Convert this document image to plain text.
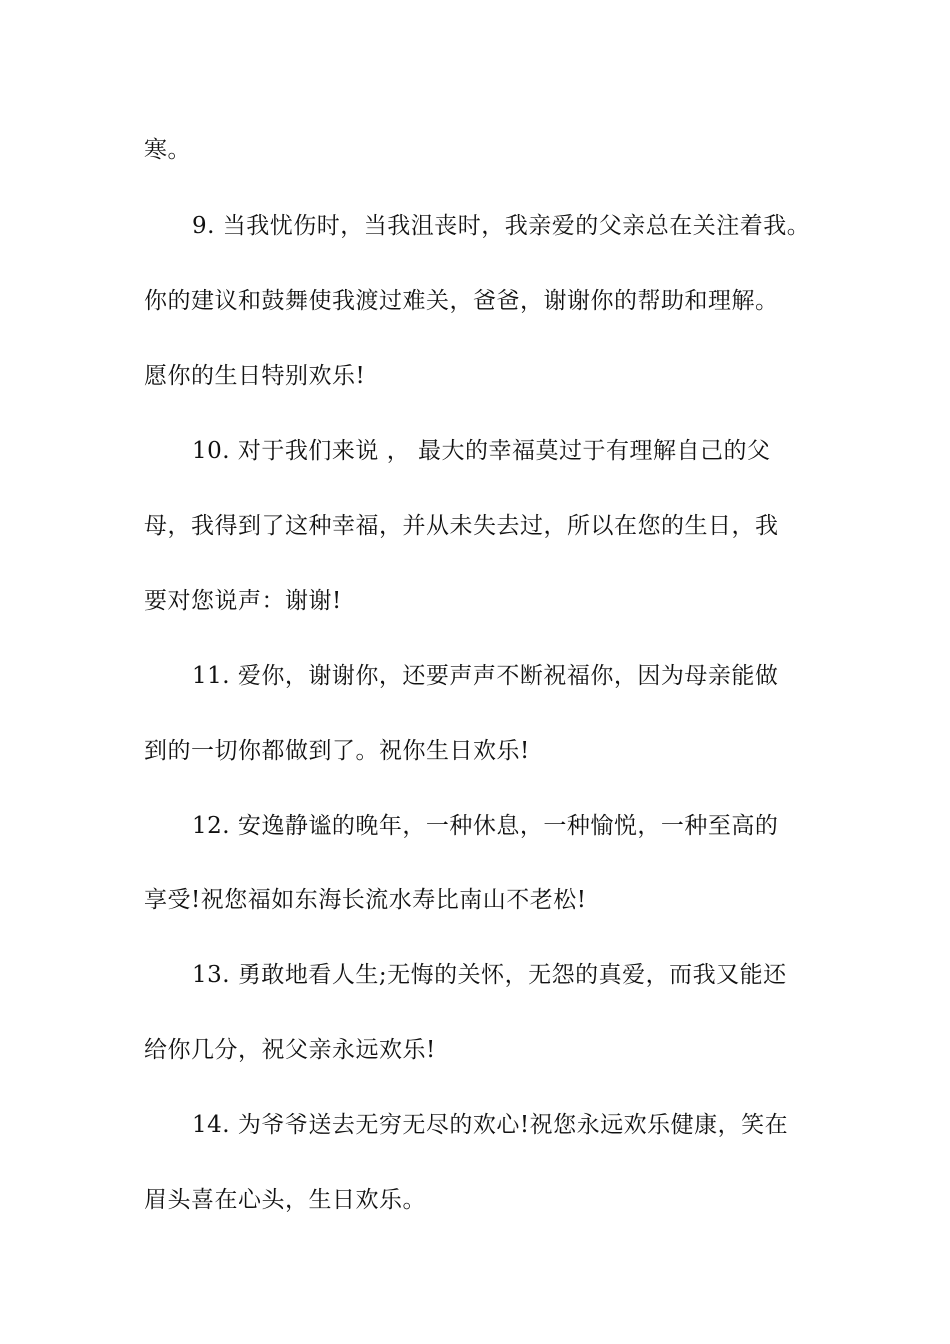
寒。
9. 当我忧伤时，当我沮丧时，我亲爱的父亲总在关注着我。
你的建议和鼓舞使我渡过难关，爸爸，谢谢你的帮助和理解。
愿你的生日特别欢乐!
10. 对于我们来说 ， 最大的幸福莫过于有理解自己的父
母，我得到了这种幸福，并从未失去过，所以在您的生日，我
要对您说声：谢谢!
11. 爱你，谢谢你，还要声声不断祝福你，因为母亲能做
到的一切你都做到了。祝你生日欢乐!
12. 安逸静谧的晚年，一种休息，一种愉悦，一种至高的
享受!祝您福如东海长流水寿比南山不老松!
13. 勇敢地看人生;无悔的关怀，无怨的真爱，而我又能还
给你几分，祝父亲永远欢乐!
14. 为爷爷送去无穷无尽的欢心!祝您永远欢乐健康，笑在
眉头喜在心头，生日欢乐。
